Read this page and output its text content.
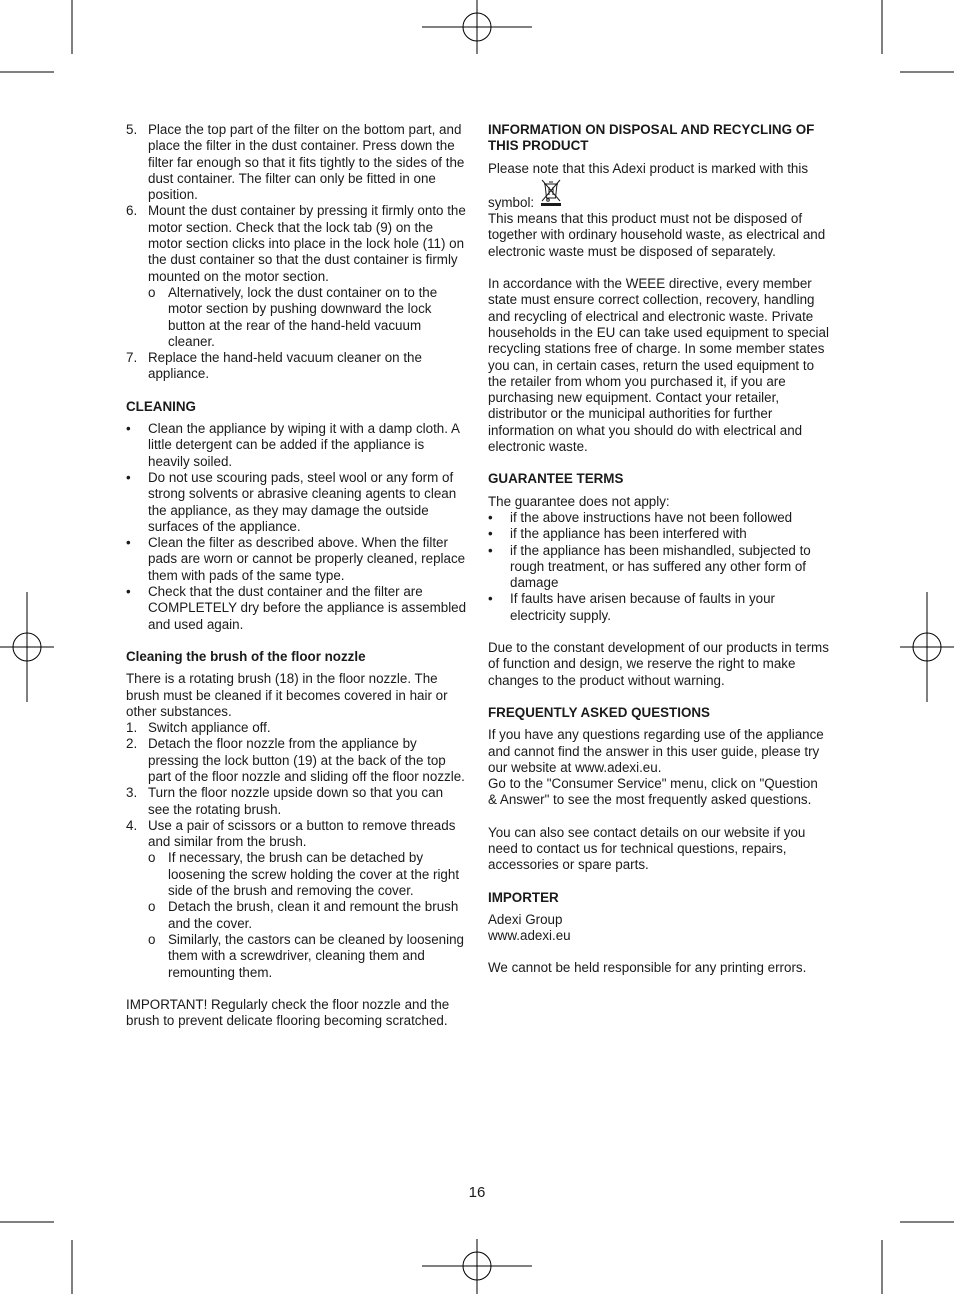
5. Place the top part of the filter on the bottom part, and place the filter in the dust container. Press down the filter far enough so that it fits tightly to the sides of the dust container. The filter can only be fitted in one position.
6. Mount the dust container by pressing it firmly onto the motor section. Check that the lock tab (9) on the motor section clicks into place in the lock hole (11) on the dust container so that the dust container is firmly mounted on the motor section.
o Alternatively, lock the dust container on to the motor section by pushing downward the lock button at the rear of the hand-held vacuum cleaner.
7. Replace the hand-held vacuum cleaner on the appliance.

CLEANING

• Clean the appliance by wiping it with a damp cloth. A little detergent can be added if the appliance is heavily soiled.
• Do not use scouring pads, steel wool or any form of strong solvents or abrasive cleaning agents to clean the appliance, as they may damage the outside surfaces of the appliance.
• Clean the filter as described above. When the filter pads are worn or cannot be properly cleaned, replace them with pads of the same type.
• Check that the dust container and the filter are COMPLETELY dry before the appliance is assembled and used again.

Cleaning the brush of the floor nozzle

There is a rotating brush (18) in the floor nozzle. The brush must be cleaned if it becomes covered in hair or other substances.

1. Switch appliance off.
2. Detach the floor nozzle from the appliance by pressing the lock button (19) at the back of the top part of the floor nozzle and sliding off the floor nozzle.
3. Turn the floor nozzle upside down so that you can see the rotating brush.
4. Use a pair of scissors or a button to remove threads and similar from the brush.
o If necessary, the brush can be detached by loosening the screw holding the cover at the right side of the brush and removing the cover.
o Detach the brush, clean it and remount the brush and the cover.
o Similarly, the castors can be cleaned by loosening them with a screwdriver, cleaning them and remounting them.

IMPORTANT! Regularly check the floor nozzle and the brush to prevent delicate flooring becoming scratched.

INFORMATION ON DISPOSAL AND RECYCLING OF THIS PRODUCT

Please note that this Adexi product is marked with this symbol:

This means that this product must not be disposed of together with ordinary household waste, as electrical and electronic waste must be disposed of separately.

In accordance with the WEEE directive, every member state must ensure correct collection, recovery, handling and recycling of electrical and electronic waste. Private households in the EU can take used equipment to special recycling stations free of charge. In some member states you can, in certain cases, return the used equipment to the retailer from whom you purchased it, if you are purchasing new equipment. Contact your retailer, distributor or the municipal authorities for further information on what you should do with electrical and electronic waste.

GUARANTEE TERMS

The guarantee does not apply:

• if the above instructions have not been followed
• if the appliance has been interfered with
• if the appliance has been mishandled, subjected to rough treatment, or has suffered any other form of damage
• If faults have arisen because of faults in your electricity supply.

Due to the constant development of our products in terms of function and design, we reserve the right to make changes to the product without warning.

FREQUENTLY ASKED QUESTIONS

If you have any questions regarding use of the appliance and cannot find the answer in this user guide, please try our website at www.adexi.eu.

Go to the "Consumer Service" menu, click on "Question & Answer" to see the most frequently asked questions.

You can also see contact details on our website if you need to contact us for technical questions, repairs, accessories or spare parts.

IMPORTER

Adexi Group

www.adexi.eu

We cannot be held responsible for any printing errors.

16
